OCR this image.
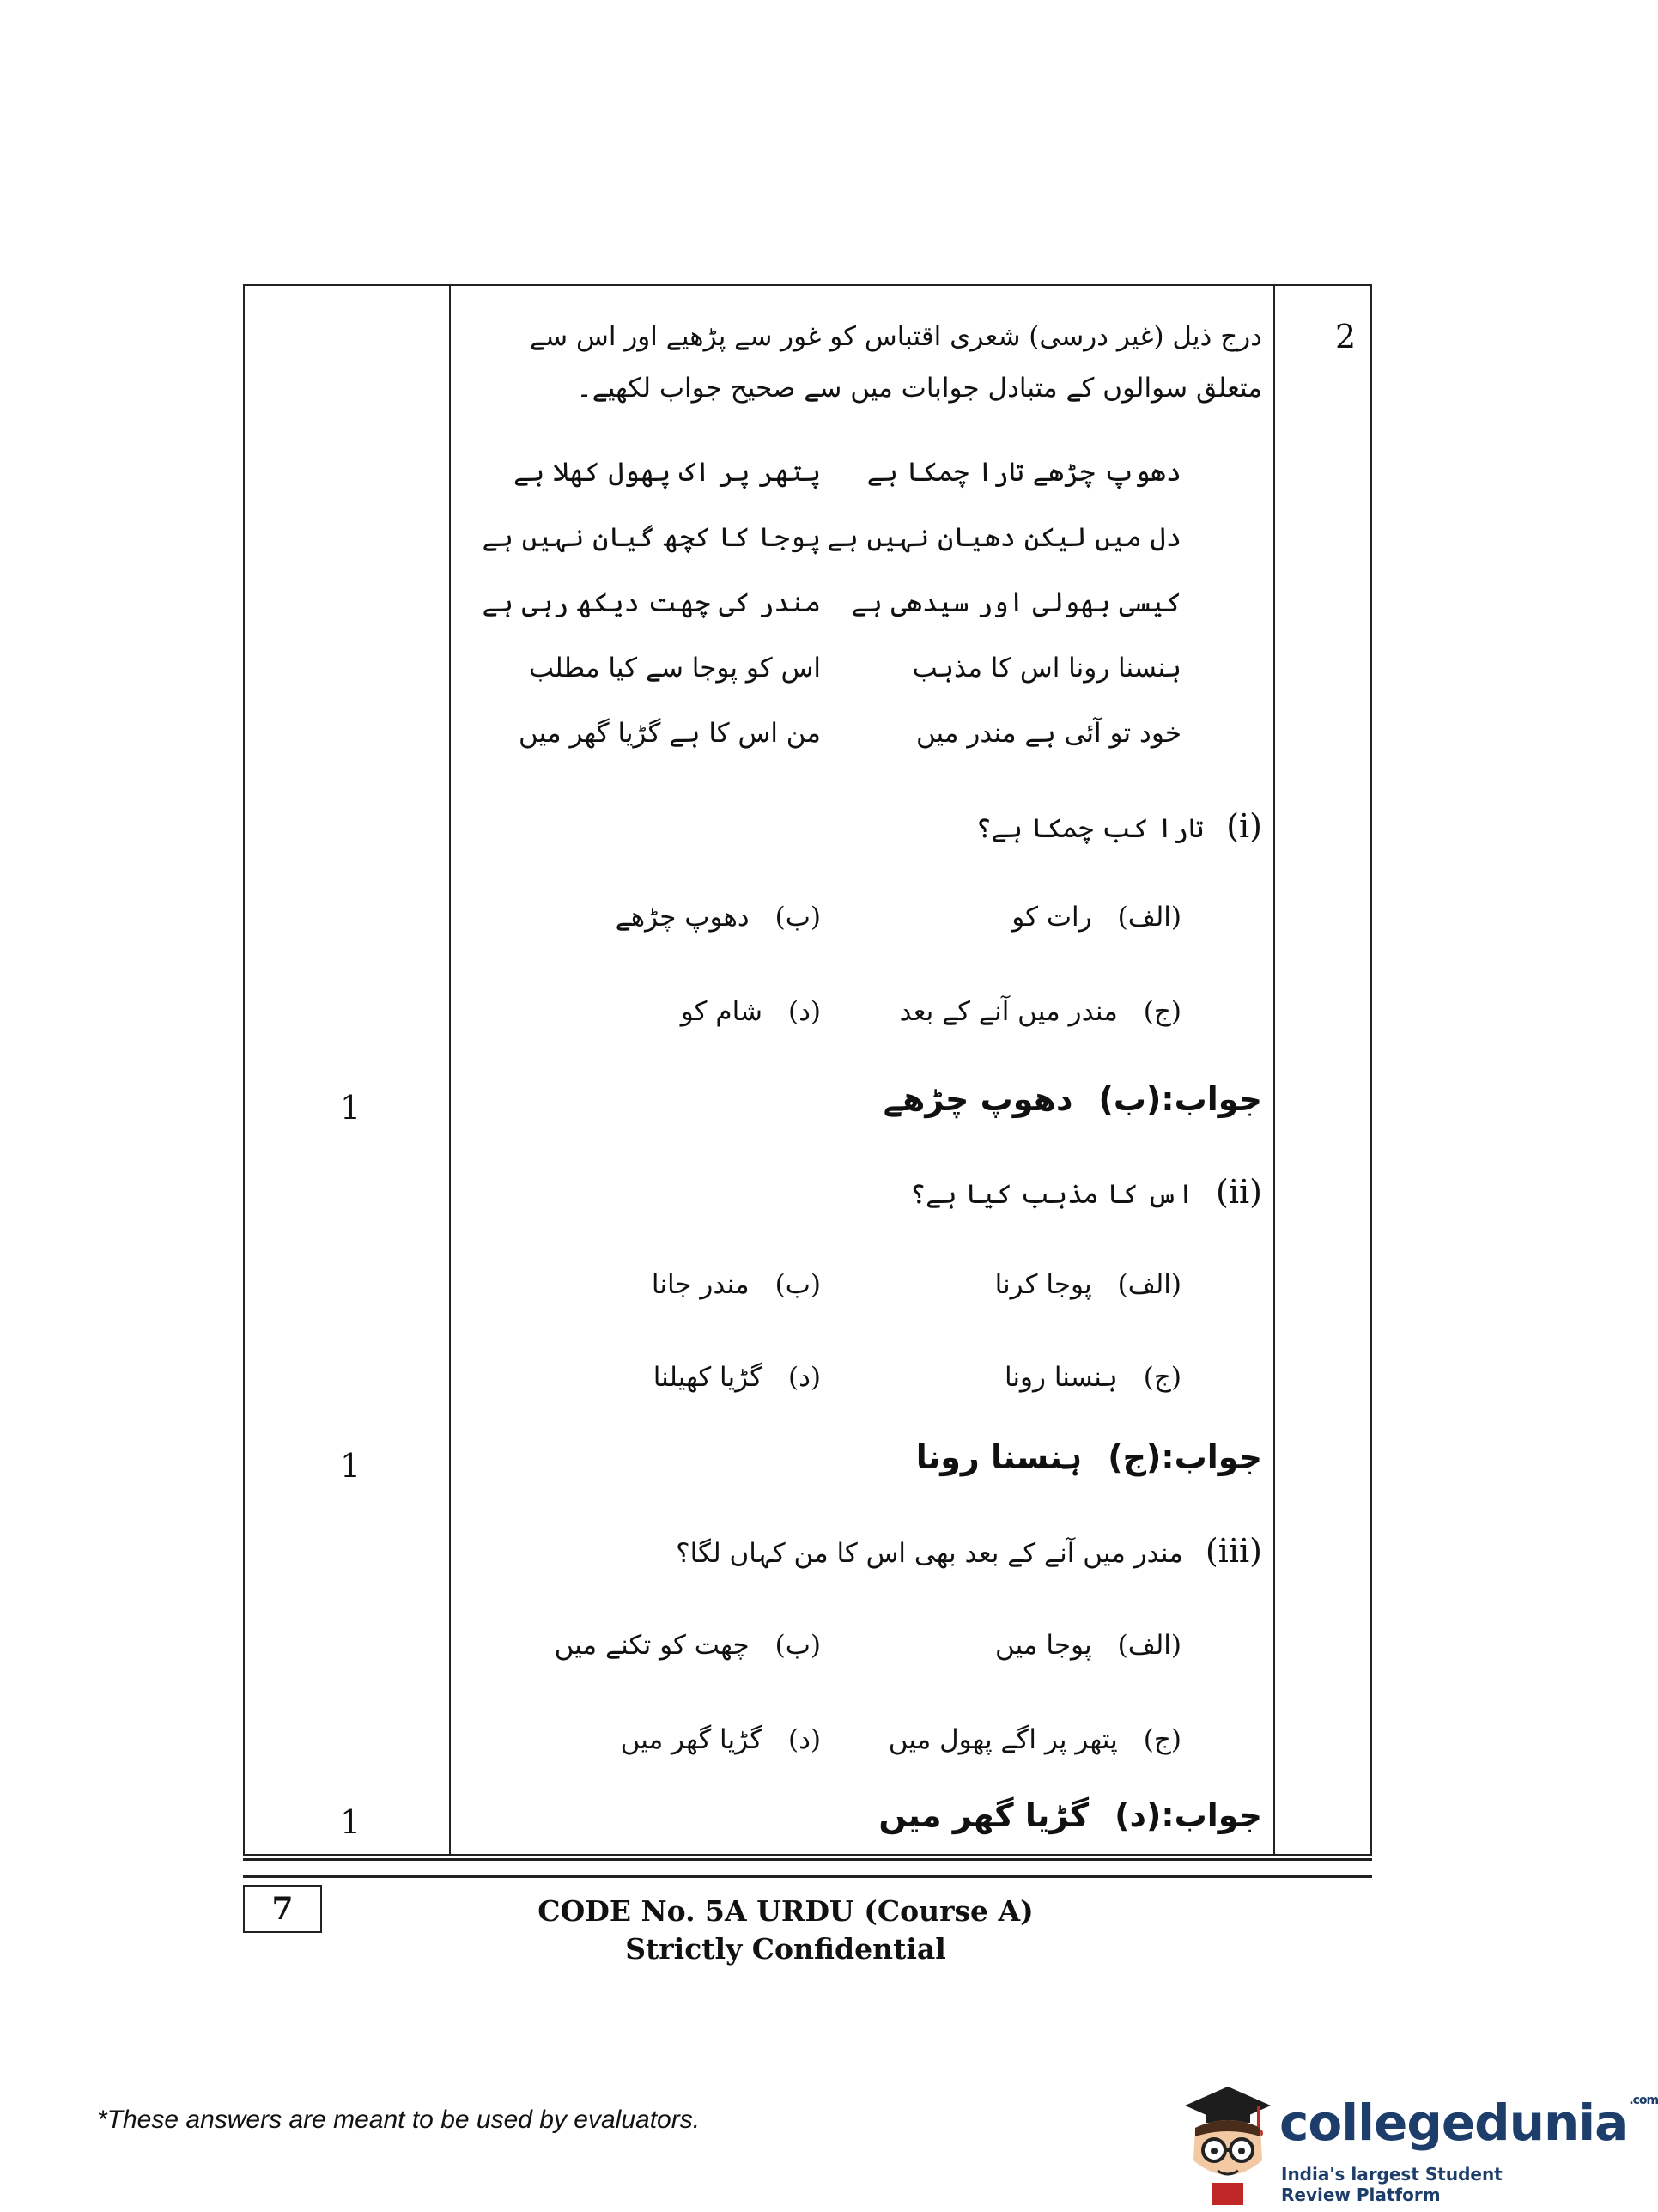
2
درج ذیل (غیر درسی) شعری اقتباس کو غور سے پڑھیے اور اس سے متعلق سوالوں کے متبادل جوابات میں سے صحیح جواب لکھیے۔
دھوپ چڑھے تارا چمکا ہے
دل میں لیکن دھیان نہیں ہے
کیسی بھولی اور سیدھی ہے
ہنسنا رونا اس کا مذہب
خود تو آئی ہے مندر میں
پتھر پر اک پھول کھلا ہے
پوجا کا کچھ گیان نہیں ہے
مندر کی چھت دیکھ رہی ہے
اس کو پوجا سے کیا مطلب
من اس کا ہے گڑیا گھر میں
(i)تارا کب چمکا ہے؟
(الف)رات کو
(ب)دھوپ چڑھے
(ج)مندر میں آنے کے بعد
(د)شام کو
جواب:(ب)دھوپ چڑھے
1
(ii)اس کا مذہب کیا ہے؟
(الف)پوجا کرنا
(ب)مندر جانا
(ج)ہنسنا رونا
(د)گڑیا کھیلنا
جواب:(ج)ہنسنا رونا
1
(iii)مندر میں آنے کے بعد بھی اس کا من کہاں لگا؟
(الف)پوجا میں
(ب)چھت کو تکنے میں
(ج)پتھر پر اگے پھول میں
(د)گڑیا گھر میں
جواب:(د)گڑیا گھر میں
1
7	CODE No. 5A URDU (Course A)
Strictly Confidential
*These answers are meant to be used by evaluators.	collegedunia $^{.com}$
India's largest Student Review Platform
